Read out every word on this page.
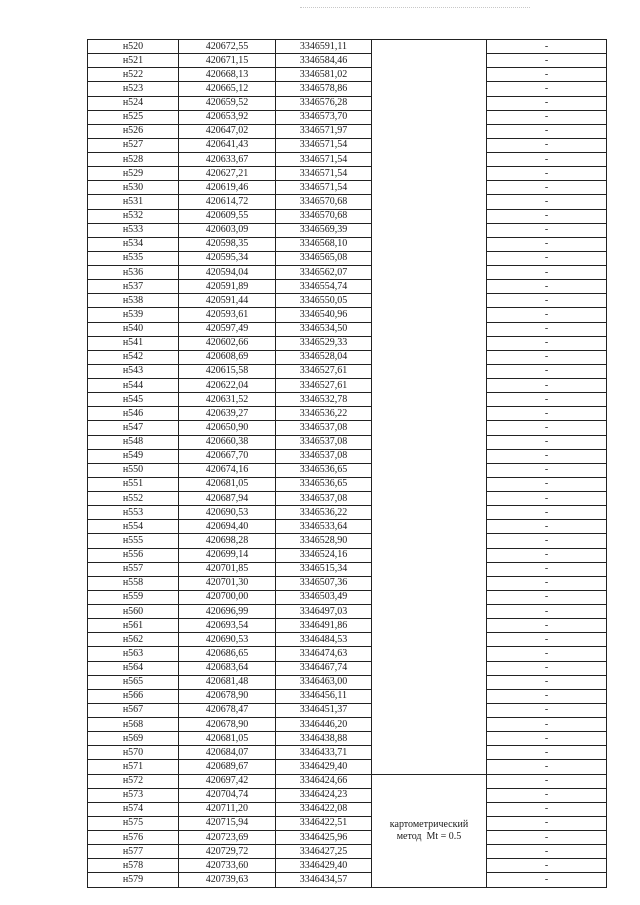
н520	420672,55	3346591,11		-
н521	420671,15	3346584,46		-
н522	420668,13	3346581,02		-
н523	420665,12	3346578,86		-
н524	420659,52	3346576,28		-
н525	420653,92	3346573,70		-
н526	420647,02	3346571,97		-
н527	420641,43	3346571,54		-
н528	420633,67	3346571,54		-
н529	420627,21	3346571,54		-
н530	420619,46	3346571,54		-
н531	420614,72	3346570,68		-
н532	420609,55	3346570,68		-
н533	420603,09	3346569,39		-
н534	420598,35	3346568,10		-
н535	420595,34	3346565,08		-
н536	420594,04	3346562,07		-
н537	420591,89	3346554,74		-
н538	420591,44	3346550,05		-
н539	420593,61	3346540,96		-
н540	420597,49	3346534,50		-
н541	420602,66	3346529,33		-
н542	420608,69	3346528,04		-
н543	420615,58	3346527,61		-
н544	420622,04	3346527,61		-
н545	420631,52	3346532,78		-
н546	420639,27	3346536,22		-
н547	420650,90	3346537,08		-
н548	420660,38	3346537,08		-
н549	420667,70	3346537,08		-
н550	420674,16	3346536,65		-
н551	420681,05	3346536,65		-
н552	420687,94	3346537,08		-
н553	420690,53	3346536,22		-
н554	420694,40	3346533,64		-
н555	420698,28	3346528,90		-
н556	420699,14	3346524,16		-
н557	420701,85	3346515,34		-
н558	420701,30	3346507,36		-
н559	420700,00	3346503,49		-
н560	420696,99	3346497,03		-
н561	420693,54	3346491,86		-
н562	420690,53	3346484,53		-
н563	420686,65	3346474,63		-
н564	420683,64	3346467,74		-
н565	420681,48	3346463,00		-
н566	420678,90	3346456,11		-
н567	420678,47	3346451,37		-
н568	420678,90	3346446,20		-
н569	420681,05	3346438,88		-
н570	420684,07	3346433,71		-
н571	420689,67	3346429,40		-
н572	420697,42	3346424,66	картометрический
метод  Mt = 0.5	-
н573	420704,74	3346424,23		-
н574	420711,20	3346422,08		-
н575	420715,94	3346422,51		-
н576	420723,69	3346425,96		-
н577	420729,72	3346427,25		-
н578	420733,60	3346429,40		-
н579	420739,63	3346434,57		-
